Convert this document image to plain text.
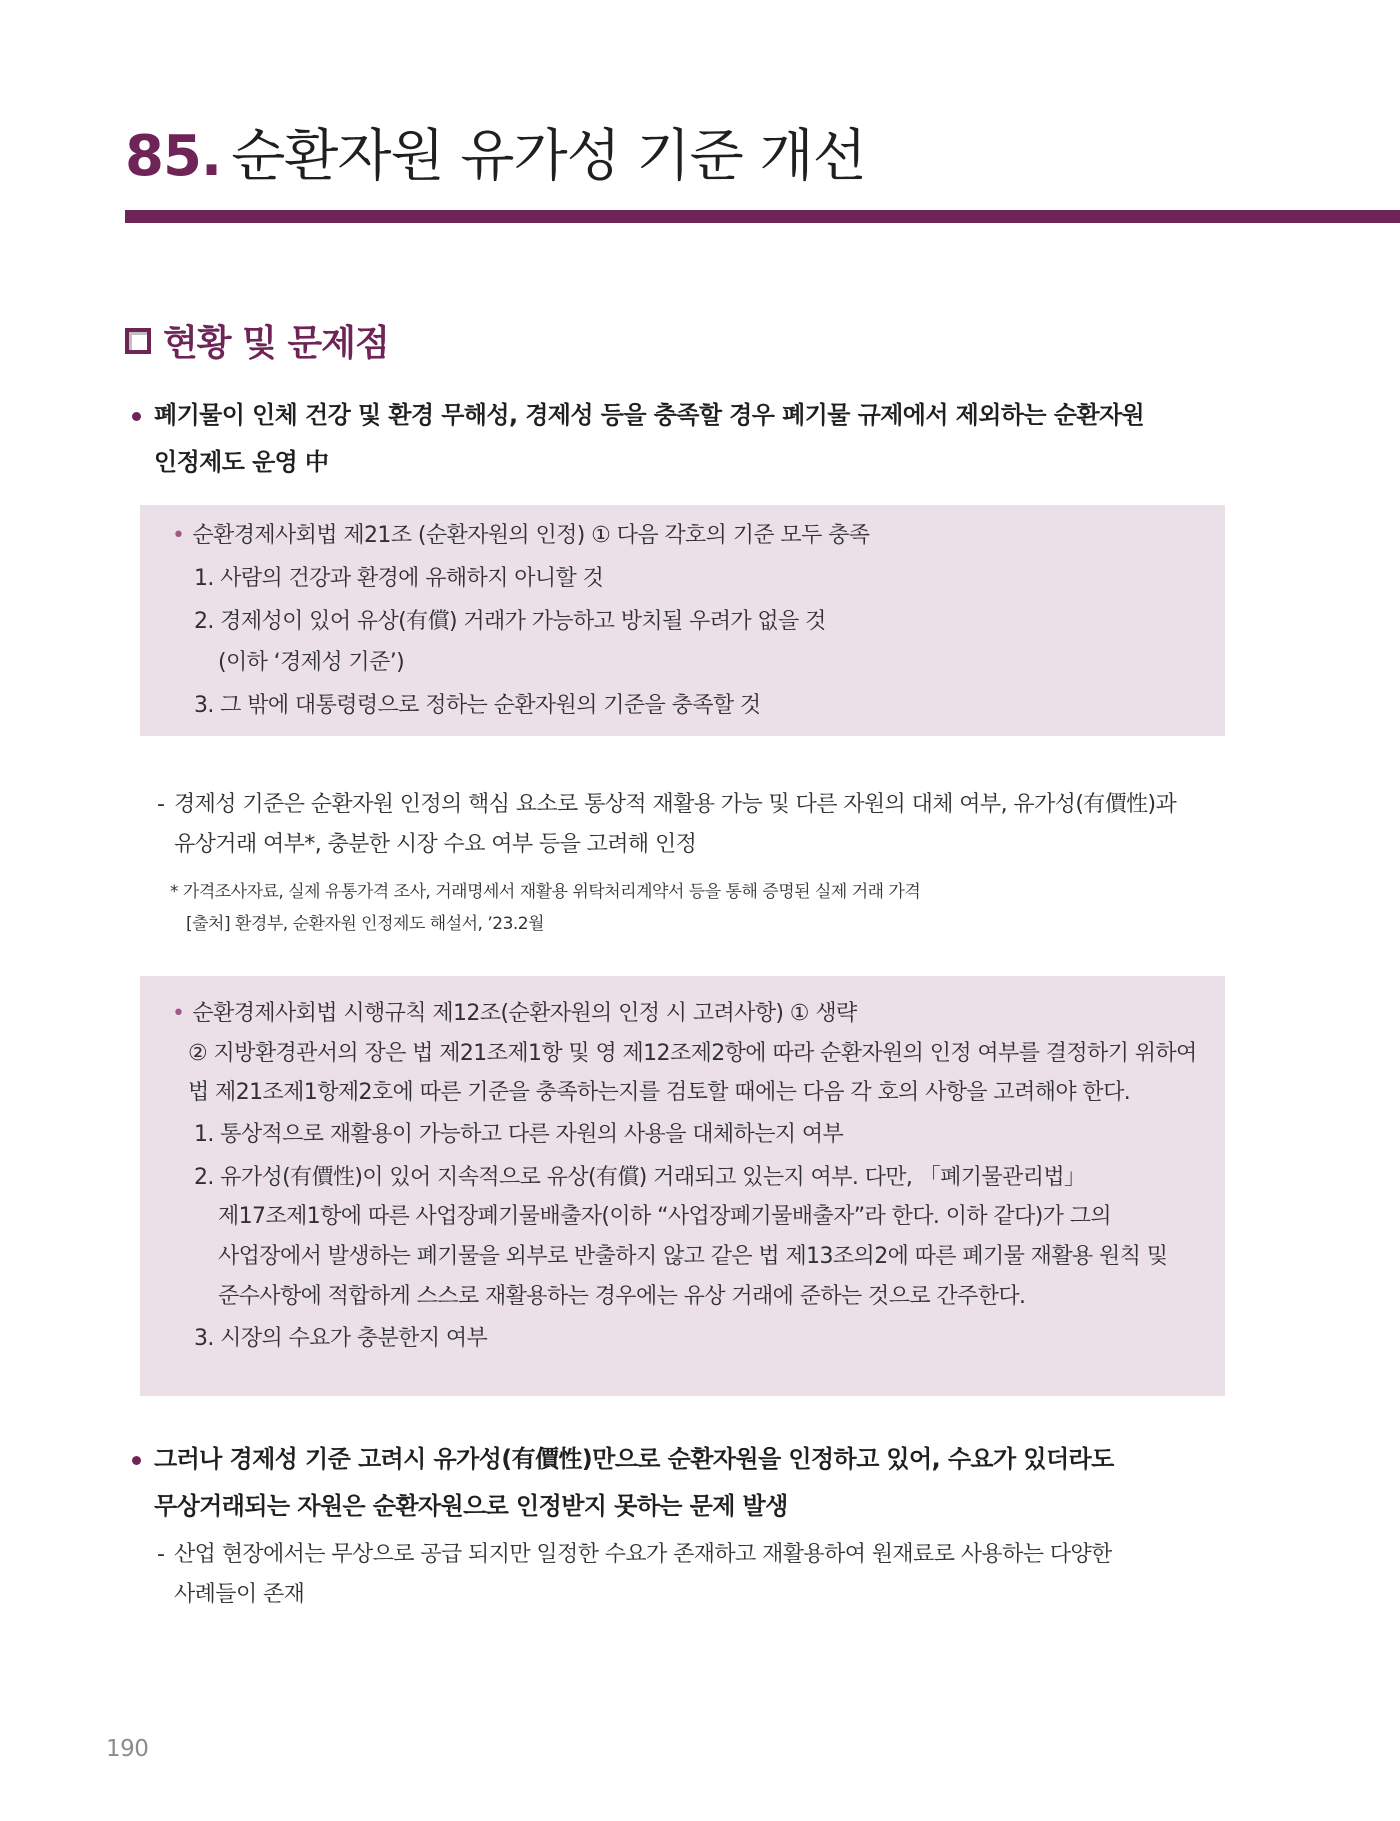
85. 순환자원 유가성 기준 개선
현황 및 문제점

폐기물이 인체 건강 및 환경 무해성, 경제성 등을 충족할 경우 폐기물 규제에서 제외하는 순환자원
인정제도 운영 中

• 순환경제사회법 제21조 (순환자원의 인정) ① 다음 각호의 기준 모두 충족
1. 사람의 건강과 환경에 유해하지 아니할 것
2. 경제성이 있어 유상(有償) 거래가 가능하고 방치될 우려가 없을 것
(이하 ‘경제성 기준’)
3. 그 밖에 대통령령으로 정하는 순환자원의 기준을 충족할 것

- 경제성 기준은 순환자원 인정의 핵심 요소로 통상적 재활용 가능 및 다른 자원의 대체 여부, 유가성(有價性)과
유상거래 여부*, 충분한 시장 수요 여부 등을 고려해 인정

* 가격조사자료, 실제 유통가격 조사, 거래명세서 재활용 위탁처리계약서 등을 통해 증명된 실제 거래 가격
[출처] 환경부, 순환자원 인정제도 해설서, ’23.2월

• 순환경제사회법 시행규칙 제12조(순환자원의 인정 시 고려사항) ① 생략
② 지방환경관서의 장은 법 제21조제1항 및 영 제12조제2항에 따라 순환자원의 인정 여부를 결정하기 위하여
법 제21조제1항제2호에 따른 기준을 충족하는지를 검토할 때에는 다음 각 호의 사항을 고려해야 한다.
1. 통상적으로 재활용이 가능하고 다른 자원의 사용을 대체하는지 여부
2. 유가성(有價性)이 있어 지속적으로 유상(有償) 거래되고 있는지 여부. 다만, 「폐기물관리법」
제17조제1항에 따른 사업장폐기물배출자(이하 “사업장폐기물배출자”라 한다. 이하 같다)가 그의
사업장에서 발생하는 폐기물을 외부로 반출하지 않고 같은 법 제13조의2에 따른 폐기물 재활용 원칙 및
준수사항에 적합하게 스스로 재활용하는 경우에는 유상 거래에 준하는 것으로 간주한다.
3. 시장의 수요가 충분한지 여부

그러나 경제성 기준 고려시 유가성(有價性)만으로 순환자원을 인정하고 있어, 수요가 있더라도
무상거래되는 자원은 순환자원으로 인정받지 못하는 문제 발생

- 산업 현장에서는 무상으로 공급 되지만 일정한 수요가 존재하고 재활용하여 원재료로 사용하는 다양한
사례들이 존재

190
